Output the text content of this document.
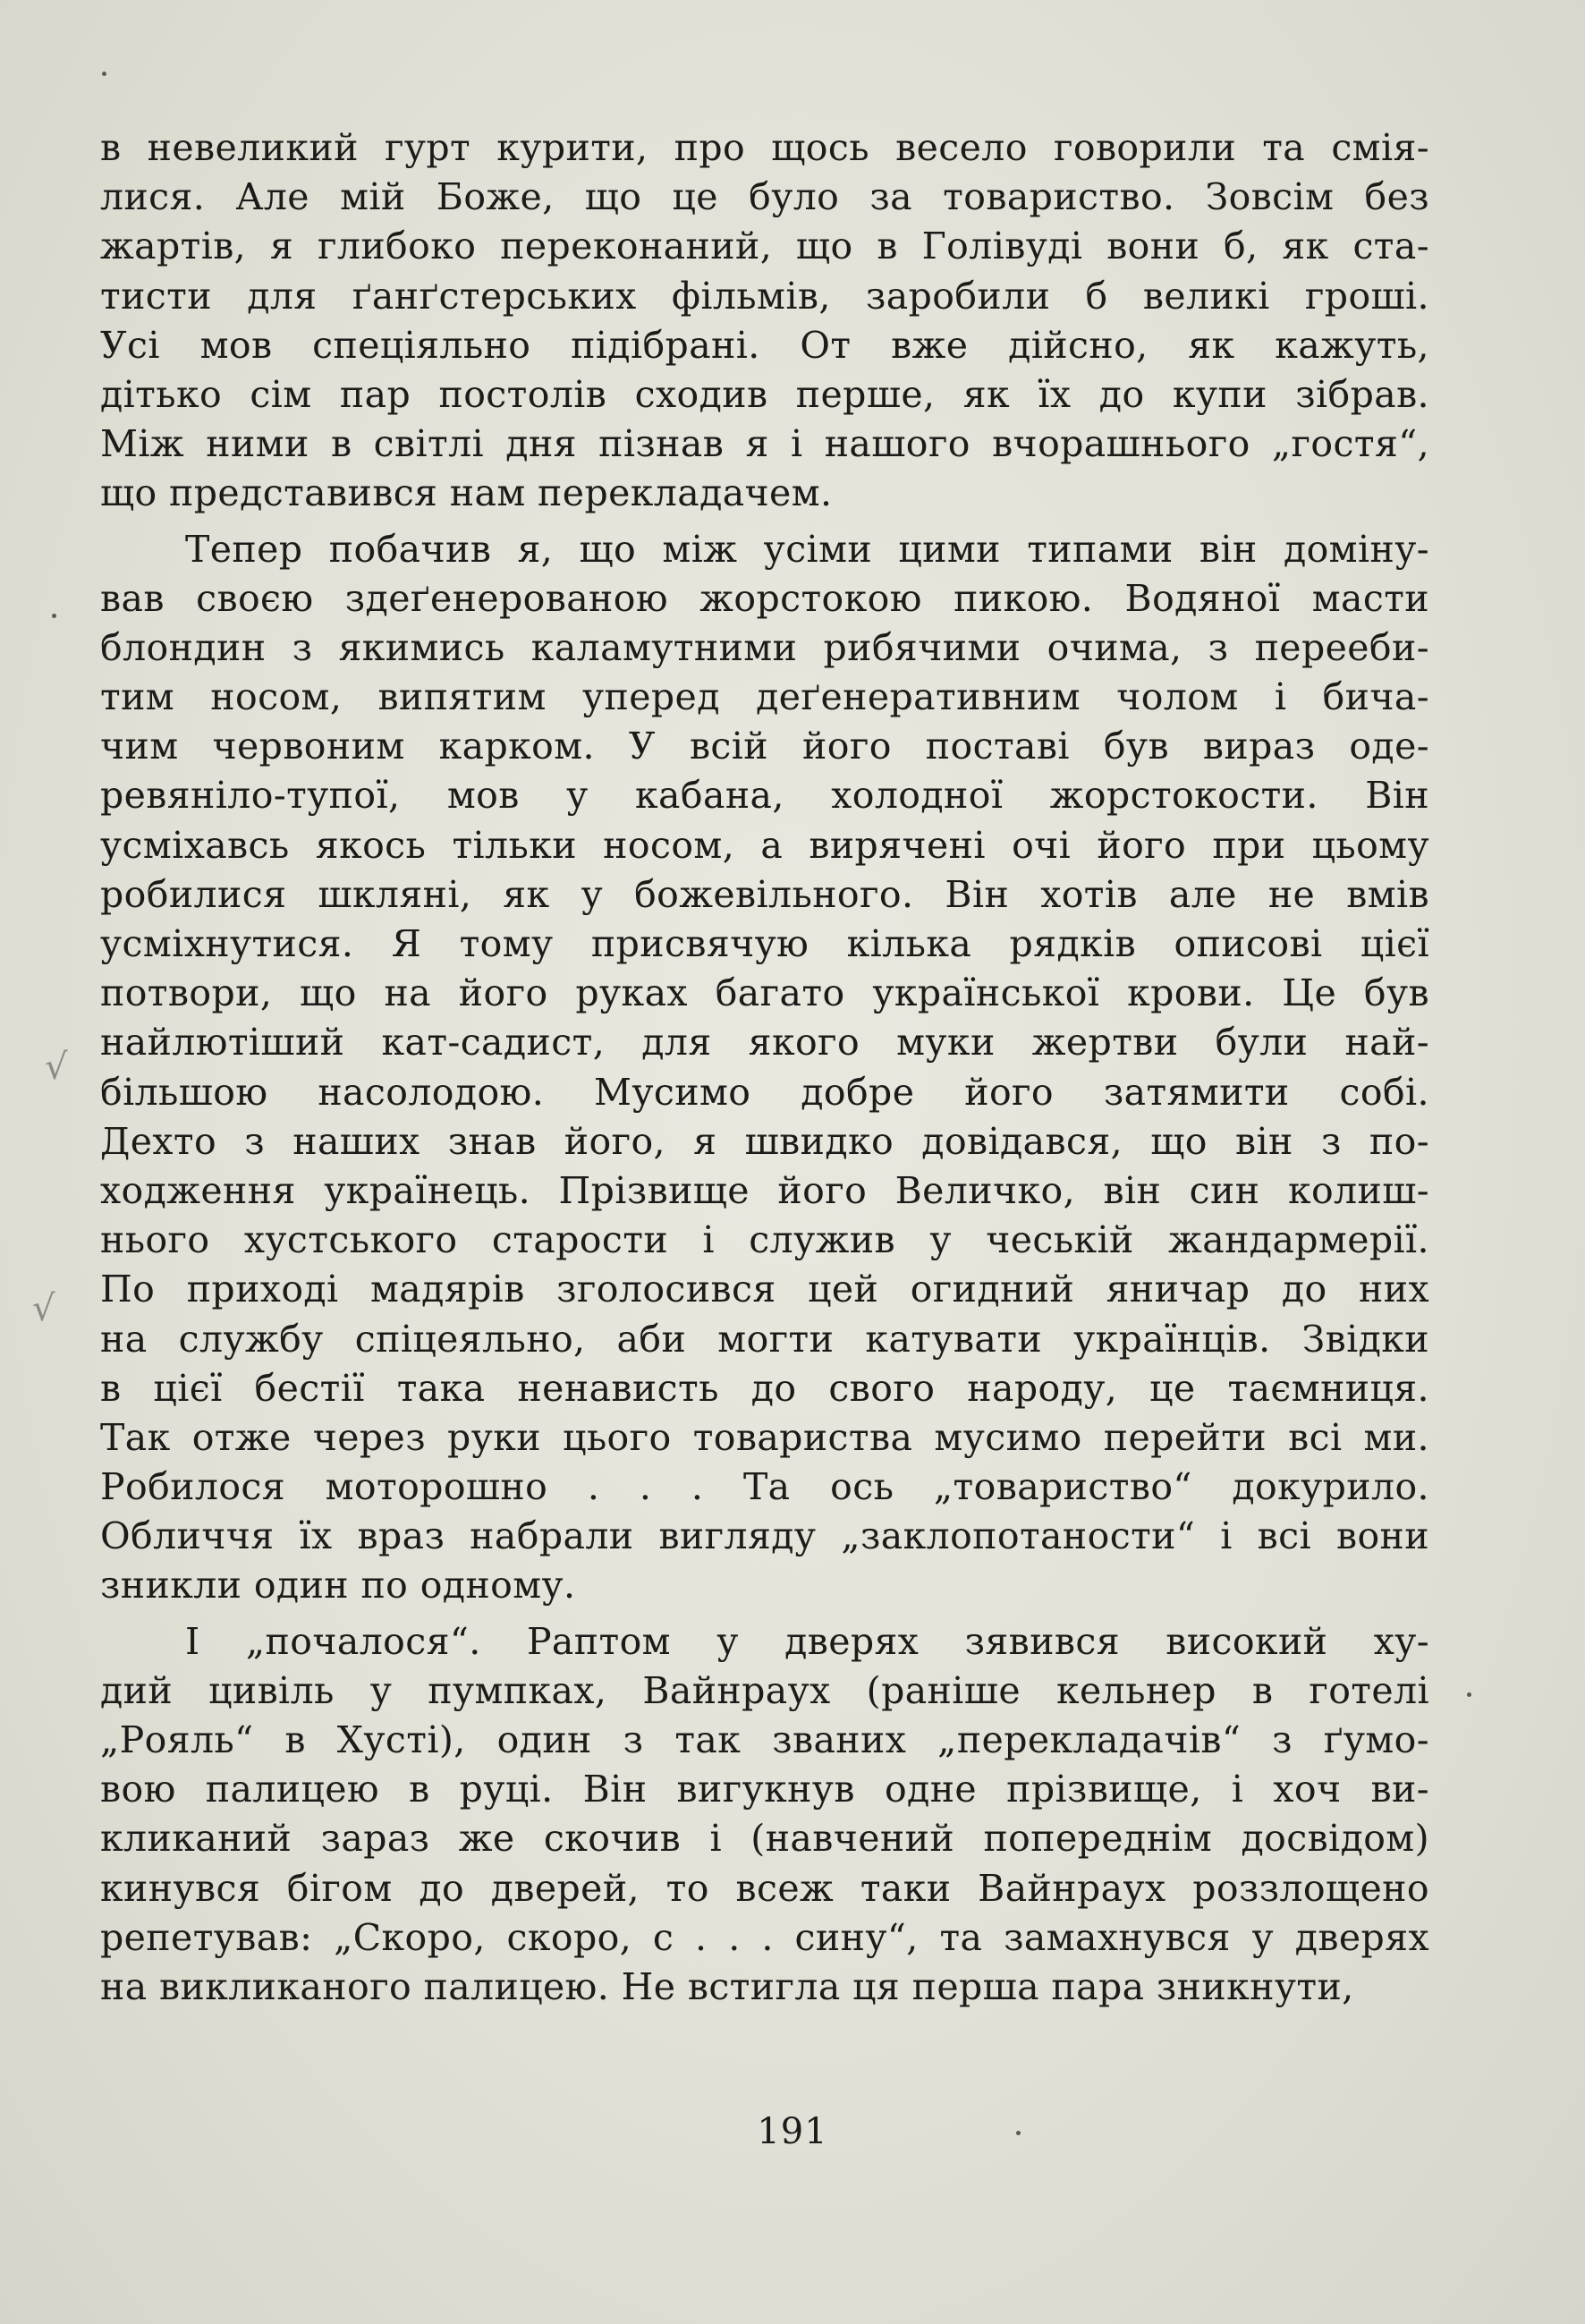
в невеликий гурт курити, про щось весело говорили та смія-
лися. Але мій Боже, що це було за товариство. Зовсім без
жартів, я глибоко переконаний, що в Голівуді вони б, як ста-
тисти для ґанґстерських фільмів, заробили б великі гроші.
Усі мов спеціяльно підібрані. От вже дійсно, як кажуть,
дітько сім пар постолів сходив перше, як їх до купи зібрав.
Між ними в світлі дня пізнав я і нашого вчорашнього „гостя“,
що представився нам перекладачем.
Тепер побачив я, що між усіми цими типами він доміну-
вав своєю здеґенерованою жорстокою пикою. Водяної масти
блондин з якимись каламутними рибячими очима, з перееби-
тим носом, випятим уперед деґенеративним чолом і бича-
чим червоним карком. У всій його поставі був вираз оде-
ревяніло-тупої, мов у кабана, холодної жорстокости. Він
усміхавсь якось тільки носом, а вирячені очі його при цьому
робилися шкляні, як у божевільного. Він хотів але не вмів
усміхнутися. Я тому присвячую кілька рядків описові цієї
потвори, що на його руках багато української крови. Це був
найлютіший кат-садист, для якого муки жертви були най-
більшою насолодою. Мусимо добре його затямити собі.
Дехто з наших знав його, я швидко довідався, що він з по-
ходження українець. Прізвище його Величко, він син колиш-
нього хустського старости і служив у чеській жандармерії.
По приході мадярів зголосився цей огидний яничар до них
на службу спіцеяльно, аби могти катувати українців. Звідки
в цієї бестії така ненависть до свого народу, це таємниця.
Так отже через руки цього товариства мусимо перейти всі ми.
Робилося моторошно . . . Та ось „товариство“ докурило.
Обличчя їх враз набрали вигляду „заклопотаности“ і всі вони
зникли один по одному.
І „почалося“. Раптом у дверях зявився високий ху-
дий цивіль у пумпках, Вайнраух (раніше кельнер в готелі
„Рояль“ в Хусті), один з так званих „перекладачів“ з ґумо-
вою палицею в руці. Він вигукнув одне прізвище, і хоч ви-
кликаний зараз же скочив і (навчений попереднім досвідом)
кинувся бігом до дверей, то всеж таки Вайнраух роззлощено
репетував: „Скоро, скоро, с . . . сину“, та замахнувся у дверях
на викликаного палицею. Не встигла ця перша пара зникнути,
191
√
√
